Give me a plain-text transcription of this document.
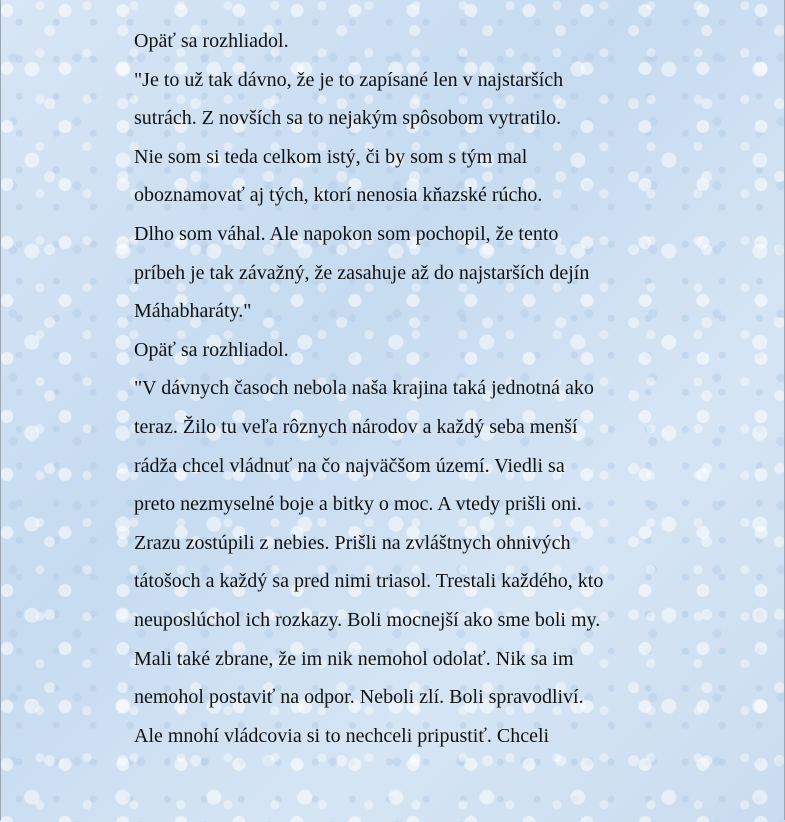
Opäť sa rozhliadol.

"Je to už tak dávno, že je to zapísané len v najstarších

sutrách. Z novších sa to nejakým spôsobom vytratilo.

Nie som si teda celkom istý, či by som s tým mal

oboznamovať aj tých, ktorí nenosia kňazské rúcho.

Dlho som váhal. Ale napokon som pochopil, že tento

príbeh je tak závažný, že zasahuje až do najstarších dejín

Máhabharáty."

Opäť sa rozhliadol.

"V dávnych časoch nebola naša krajina taká jednotná ako

teraz. Žilo tu veľa rôznych národov a každý seba menší

rádža chcel vládnuť na čo najväčšom území. Viedli sa

preto nezmyselné boje a bitky o moc. A vtedy prišli oni.

Zrazu zostúpili z nebies. Prišli na zvláštnych ohnivých

tátošoch a každý sa pred nimi triasol. Trestali každého, kto

neuposlúchol ich rozkazy. Boli mocnejší ako sme boli my.

Mali také zbrane, že im nik nemohol odolať. Nik sa im

nemohol postaviť na odpor. Neboli zlí. Boli spravodliví.

Ale mnohí vládcovia si to nechceli pripustiť. Chceli
